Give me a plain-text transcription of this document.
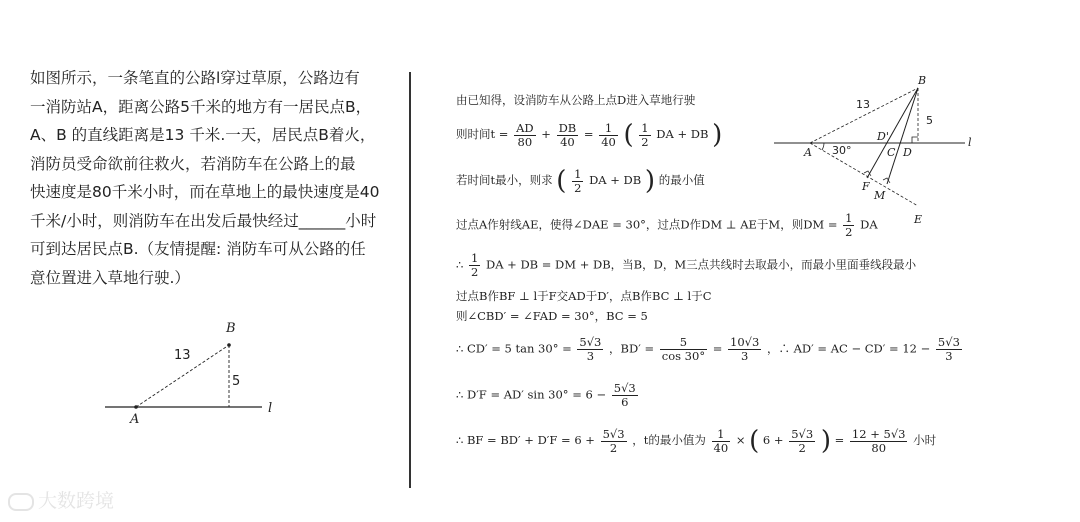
如图所示，一条笔直的公路l穿过草原，公路边有

一消防站A，距离公路5千米的地方有一居民点B，

A、B 的直线距离是13 千米.一天，居民点B着火，

消防员受命欲前往救火，若消防车在公路上的最

快速度是80千米小时，而在草地上的最快速度是40

千米/小时，则消防车在出发后最快经过______小时

可到达居民点B.（友情提醒: 消防车可从公路的任

意位置进入草地行驶.）

B
A
l
13
5
B
A	C D
D'
F
M
E
l
13
5
30°
由已知得，设消防车从公路上点D进入草地行驶
则时间$t = \frac{AD}{80} + \frac{DB}{40} = \frac{1}{40}$ ( $\frac{1}{2}$ DA + DB )
若时间t最小，则求 ( $\frac{1}{2}$ DA + DB ) 的最小值
过点A作射线AE，使得∠DAE = 30°，过点D作DM ⊥ AE于M，则DM = $\frac{1}{2}$ DA
∴ $\frac{1}{2}$ DA + DB = DM + DB，当B，D，M三点共线时去取最小，而最小里面垂线段最小
过点B作BF ⊥ l于F交AD于D′，点B作BC ⊥ l于C
则∠CBD′ = ∠FAD = 30°，BC = 5
∴ CD′ = 5 $\tan 30^\circ = \frac{5√3}{3}$ ，$BD' = \frac{5}{\cos 30^\circ} = \frac{10√3}{3}$ ，∴ AD′ = AC − $CD' = 12 - \frac{5√3}{3}$
∴ D′F = AD′ $\sin 30^\circ = 6 - \frac{5√3}{6}$
∴ BF = $BD' + D'F = 6 + \frac{5√3}{2}$ ，t的最小值为 $\frac{1}{40}$ × ( $6 + \frac{5√3}{2}$ ) = $\frac{12 + 5√3}{80}$ 小时
大数跨境
